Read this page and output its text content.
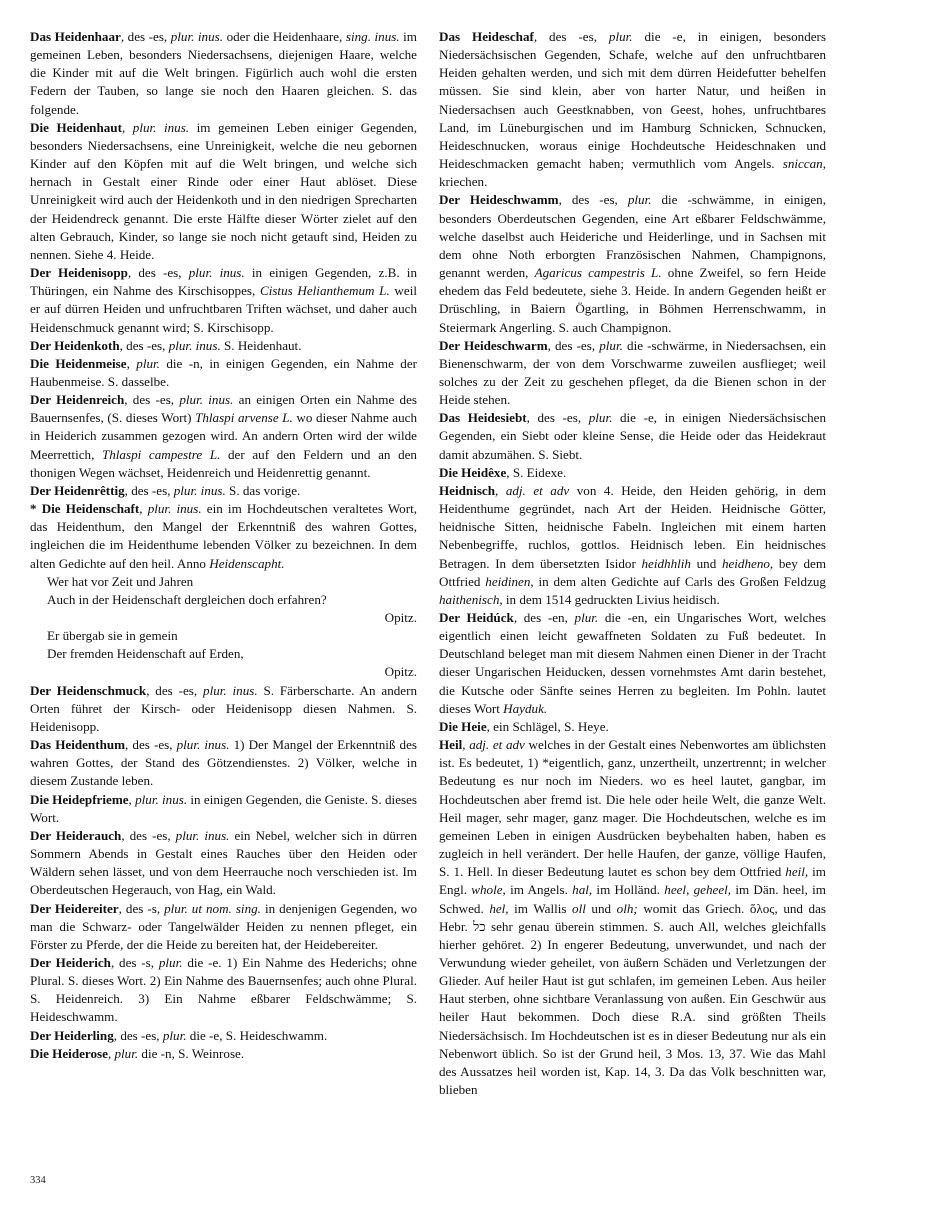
Das Heidenhaar, des -es, plur. inus. oder die Heidenhaare, sing. inus. im gemeinen Leben, besonders Niedersachsens, diejenigen Haare, welche die Kinder mit auf die Welt bringen. Figürlich auch wohl die ersten Federn der Tauben, so lange sie noch den Haaren gleichen. S. das folgende.

Die Heidenhaut, plur. inus. im gemeinen Leben einiger Gegenden, besonders Niedersachsens, eine Unreinigkeit, welche die neu gebornen Kinder auf den Köpfen mit auf die Welt bringen, und welche sich hernach in Gestalt einer Rinde oder einer Haut ablöset. Diese Unreinigkeit wird auch der Heidenkoth und in den niedrigen Sprecharten der Heidendreck genannt. Die erste Hälfte dieser Wörter zielet auf den alten Gebrauch, Kinder, so lange sie noch nicht getauft sind, Heiden zu nennen. Siehe 4. Heide.

Der Heidenisopp, des -es, plur. inus. in einigen Gegenden, z.B. in Thüringen, ein Nahme des Kirschisoppes, Cistus Helianthemum L. weil er auf dürren Heiden und unfruchtbaren Triften wächset, und daher auch Heidenschmuck genannt wird; S. Kirschisopp.

Der Heidenkoth, des -es, plur. inus. S. Heidenhaut.

Die Heidenmeise, plur. die -n, in einigen Gegenden, ein Nahme der Haubenmeise. S. dasselbe.

Der Heidenreich, des -es, plur. inus. an einigen Orten ein Nahme des Bauernsenfes, (S. dieses Wort) Thlaspi arvense L. wo dieser Nahme auch in Heiderich zusammen gezogen wird. An andern Orten wird der wilde Meerrettich, Thlaspi campestre L. der auf den Feldern und an den thonigen Wegen wächset, Heidenreich und Heidenrettig genannt.

Der Heidenrêttig, des -es, plur. inus. S. das vorige.

* Die Heidenschaft, plur. inus. ein im Hochdeutschen veraltetes Wort, das Heidenthum, den Mangel der Erkenntniß des wahren Gottes, ingleichen die im Heidenthume lebenden Völker zu bezeichnen. In dem alten Gedichte auf den heil. Anno Heidenscapht.

Wer hat vor Zeit und Jahren
Auch in der Heidenschaft dergleichen doch erfahren?
Opitz.
Er übergab sie in gemein
Der fremden Heidenschaft auf Erden,
Opitz.

Der Heidenschmuck, des -es, plur. inus. S. Färberscharte. An andern Orten führet der Kirsch- oder Heidenisopp diesen Nahmen. S. Heidenisopp.

Das Heidenthum, des -es, plur. inus. 1) Der Mangel der Erkenntniß des wahren Gottes, der Stand des Götzendienstes. 2) Völker, welche in diesem Zustande leben.

Die Heidepfrieme, plur. inus. in einigen Gegenden, die Geniste. S. dieses Wort.

Der Heiderauch, des -es, plur. inus. ein Nebel, welcher sich in dürren Sommern Abends in Gestalt eines Rauches über den Heiden oder Wäldern sehen lässet, und von dem Heerrauche noch verschieden ist. Im Oberdeutschen Hegerauch, von Hag, ein Wald.

Der Heidereiter, des -s, plur. ut nom. sing. in denjenigen Gegenden, wo man die Schwarz- oder Tangelwälder Heiden zu nennen pfleget, ein Förster zu Pferde, der die Heide zu bereiten hat, der Heidebereiter.

Der Heiderich, des -s, plur. die -e. 1) Ein Nahme des Hederichs; ohne Plural. S. dieses Wort. 2) Ein Nahme des Bauernsenfes; auch ohne Plural. S. Heidenreich. 3) Ein Nahme eßbarer Feldschwämme; S. Heideschwamm.

Der Heiderling, des -es, plur. die -e, S. Heideschwamm.

Die Heiderose, plur. die -n, S. Weinrose.

Das Heideschaf, des -es, plur. die -e, in einigen, besonders Niedersächsischen Gegenden, Schafe, welche auf den unfruchtbaren Heiden gehalten werden, und sich mit dem dürren Heidefutter behelfen müssen. Sie sind klein, aber von harter Natur, und heißen in Niedersachsen auch Geestknabben, von Geest, hohes, unfruchtbares Land, im Lüneburgischen und im Hamburg Schnicken, Schnucken, Heideschnucken, woraus einige Hochdeutsche Heideschnaken und Heideschmacken gemacht haben; vermuthlich vom Angels. sniccan, kriechen.

Der Heideschwamm, des -es, plur. die -schwämme, in einigen, besonders Oberdeutschen Gegenden, eine Art eßbarer Feldschwämme, welche daselbst auch Heideriche und Heiderlinge, und in Sachsen mit dem ohne Noth erborgten Französischen Nahmen, Champignons, genannt werden, Agaricus campestris L. ohne Zweifel, so fern Heide ehedem das Feld bedeutete, siehe 3. Heide. In andern Gegenden heißt er Drüschling, in Baiern Ögartling, in Böhmen Herrenschwamm, in Steiermark Angerling. S. auch Champignon.

Der Heideschwarm, des -es, plur. die -schwärme, in Niedersachsen, ein Bienenschwarm, der von dem Vorschwarme zuweilen ausflieget; weil solches zu der Zeit zu geschehen pfleget, da die Bienen schon in der Heide stehen.

Das Heidesiebt, des -es, plur. die -e, in einigen Niedersächsischen Gegenden, ein Siebt oder kleine Sense, die Heide oder das Heidekraut damit abzumähen. S. Siebt.

Die Heidêxe, S. Eidexe.

Heidnisch, adj. et adv von 4. Heide, den Heiden gehörig, in dem Heidenthume gegründet, nach Art der Heiden. Heidnische Götter, heidnische Sitten, heidnische Fabeln. Ingleichen mit einem harten Nebenbegriffe, ruchlos, gottlos. Heidnisch leben. Ein heidnisches Betragen. In dem übersetzten Isidor heidhhlih und heidheno, bey dem Ottfried heidinen, in dem alten Gedichte auf Carls des Großen Feldzug haithenisch, in dem 1514 gedruckten Livius heidisch.

Der Heidúck, des -en, plur. die -en, ein Ungarisches Wort, welches eigentlich einen leicht gewaffneten Soldaten zu Fuß bedeutet. In Deutschland beleget man mit diesem Nahmen einen Diener in der Tracht dieser Ungarischen Heiducken, dessen vornehmstes Amt darin bestehet, die Kutsche oder Sänfte seines Herren zu begleiten. Im Pohln. lautet dieses Wort Hayduk.

Die Heie, ein Schlägel, S. Heye.

Heil, adj. et adv welches in der Gestalt eines Nebenwortes am üblichsten ist. Es bedeutet, 1) *eigentlich, ganz, unzertheilt, unzertrennt; in welcher Bedeutung es nur noch im Nieders. wo es heel lautet, gangbar, im Hochdeutschen aber fremd ist. Die hele oder heile Welt, die ganze Welt. Heil mager, sehr mager, ganz mager. Die Hochdeutschen, welche es im gemeinen Leben in einigen Ausdrücken beybehalten haben, haben es zugleich in hell verändert. Der helle Haufen, der ganze, völlige Haufen, S. 1. Hell. In dieser Bedeutung lautet es schon bey dem Ottfried heil, im Engl. whole, im Angels. hal, im Holländ. heel, geheel, im Dän. heel, im Schwed. hel, im Wallis oll und olh; womit das Griech. ὅλος, und das Hebr. כל sehr genau überein stimmen. S. auch All, welches gleichfalls hierher gehöret. 2) In engerer Bedeutung, unverwundet, und nach der Verwundung wieder geheilet, von äußern Schäden und Verletzungen der Glieder. Auf heiler Haut ist gut schlafen, im gemeinen Leben. Aus heiler Haut sterben, ohne sichtbare Veranlassung von außen. Ein Geschwür aus heiler Haut bekommen. Doch diese R.A. sind größten Theils Niedersächsisch. Im Hochdeutschen ist es in dieser Bedeutung nur als ein Nebenwort üblich. So ist der Grund heil, 3 Mos. 13, 37. Wie das Mahl des Aussatzes heil worden ist, Kap. 14, 3. Da das Volk beschnitten war, blieben

334
